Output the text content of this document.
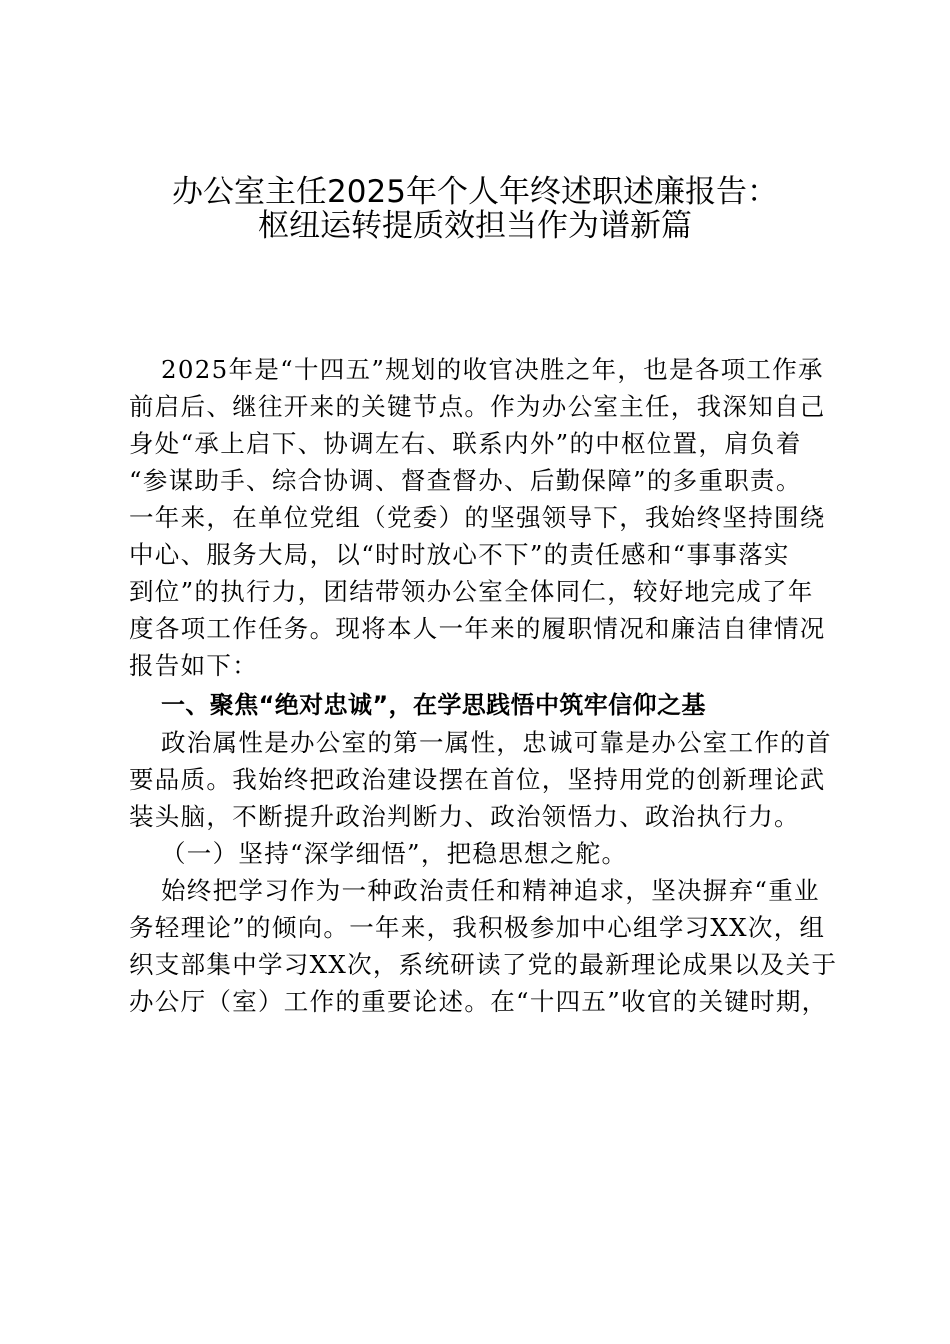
办公室主任2025年个人年终述职述廉报告：
枢纽运转提质效担当作为谱新篇
2025年是“十四五”规划的收官决胜之年，也是各项工作承
前启后、继往开来的关键节点。作为办公室主任，我深知自己
身处“承上启下、协调左右、联系内外”的中枢位置，肩负着
“参谋助手、综合协调、督查督办、后勤保障”的多重职责。
一年来，在单位党组（党委）的坚强领导下，我始终坚持围绕
中心、服务大局，以“时时放心不下”的责任感和“事事落实
到位”的执行力，团结带领办公室全体同仁，较好地完成了年
度各项工作任务。现将本人一年来的履职情况和廉洁自律情况
报告如下：
一、聚焦“绝对忠诚”，在学思践悟中筑牢信仰之基
政治属性是办公室的第一属性，忠诚可靠是办公室工作的首
要品质。我始终把政治建设摆在首位，坚持用党的创新理论武
装头脑，不断提升政治判断力、政治领悟力、政治执行力。
（一）坚持“深学细悟”，把稳思想之舵。
始终把学习作为一种政治责任和精神追求，坚决摒弃“重业
务轻理论”的倾向。一年来，我积极参加中心组学习XX次，组
织支部集中学习XX次，系统研读了党的最新理论成果以及关于
办公厅（室）工作的重要论述。在“十四五”收官的关键时期，
